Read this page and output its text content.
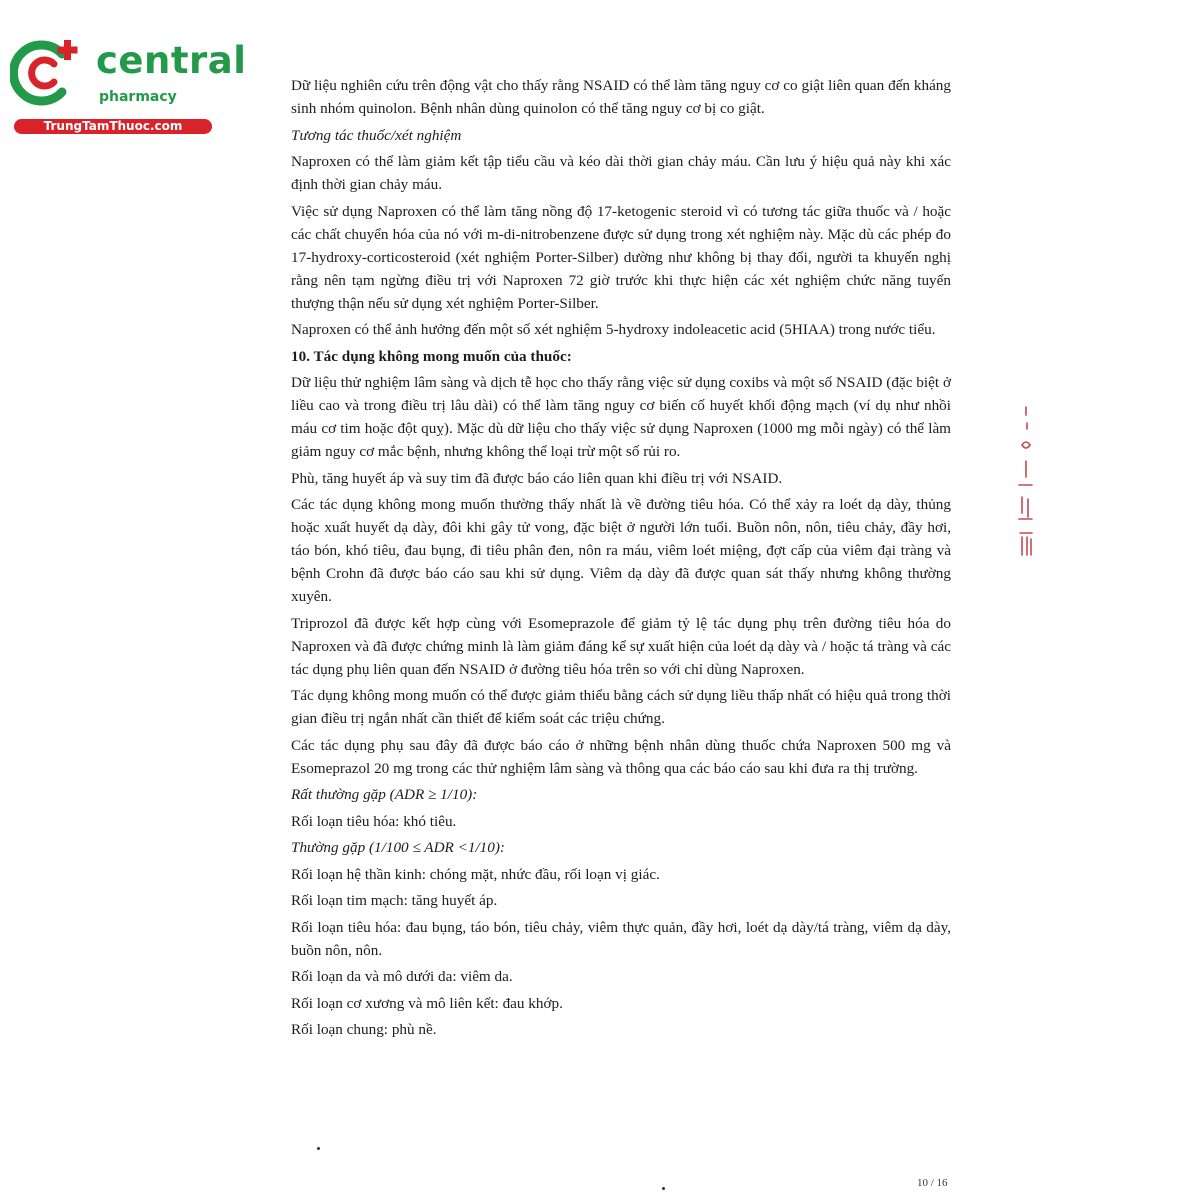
central
pharmacy
TrungTamThuoc.com

Dữ liệu nghiên cứu trên động vật cho thấy rằng NSAID có thể làm tăng nguy cơ co giật liên quan đến kháng sinh nhóm quinolon. Bệnh nhân dùng quinolon có thể tăng nguy cơ bị co giật.

Tương tác thuốc/xét nghiệm

Naproxen có thể làm giảm kết tập tiểu cầu và kéo dài thời gian chảy máu. Cần lưu ý hiệu quả này khi xác định thời gian chảy máu.

Việc sử dụng Naproxen có thể làm tăng nồng độ 17-ketogenic steroid vì có tương tác giữa thuốc và / hoặc các chất chuyển hóa của nó với m-di-nitrobenzene được sử dụng trong xét nghiệm này. Mặc dù các phép đo 17-hydroxy-corticosteroid (xét nghiệm Porter-Silber) dường như không bị thay đổi, người ta khuyến nghị rằng nên tạm ngừng điều trị với Naproxen 72 giờ trước khi thực hiện các xét nghiệm chức năng tuyến thượng thận nếu sử dụng xét nghiệm Porter-Silber.

Naproxen có thể ảnh hưởng đến một số xét nghiệm 5-hydroxy indoleacetic acid (5HIAA) trong nước tiểu.

10. Tác dụng không mong muốn của thuốc:

Dữ liệu thử nghiệm lâm sàng và dịch tễ học cho thấy rằng việc sử dụng coxibs và một số NSAID (đặc biệt ở liều cao và trong điều trị lâu dài) có thể làm tăng nguy cơ biến cố huyết khối động mạch (ví dụ như nhồi máu cơ tim hoặc đột quỵ). Mặc dù dữ liệu cho thấy việc sử dụng Naproxen (1000 mg mỗi ngày) có thể làm giảm nguy cơ mắc bệnh, nhưng không thể loại trừ một số rủi ro.

Phù, tăng huyết áp và suy tim đã được báo cáo liên quan khi điều trị với NSAID.

Các tác dụng không mong muốn thường thấy nhất là về đường tiêu hóa. Có thể xảy ra loét dạ dày, thủng hoặc xuất huyết dạ dày, đôi khi gây tử vong, đặc biệt ở người lớn tuổi. Buồn nôn, nôn, tiêu chảy, đầy hơi, táo bón, khó tiêu, đau bụng, đi tiêu phân đen, nôn ra máu, viêm loét miệng, đợt cấp của viêm đại tràng và bệnh Crohn đã được báo cáo sau khi sử dụng. Viêm dạ dày đã được quan sát thấy nhưng không thường xuyên.

Triprozol đã được kết hợp cùng với Esomeprazole để giảm tỷ lệ tác dụng phụ trên đường tiêu hóa do Naproxen và đã được chứng minh là làm giảm đáng kể sự xuất hiện của loét dạ dày và / hoặc tá tràng và các tác dụng phụ liên quan đến NSAID ở đường tiêu hóa trên so với chỉ dùng Naproxen.

Tác dụng không mong muốn có thể được giảm thiểu bằng cách sử dụng liều thấp nhất có hiệu quả trong thời gian điều trị ngắn nhất cần thiết để kiểm soát các triệu chứng.

Các tác dụng phụ sau đây đã được báo cáo ở những bệnh nhân dùng thuốc chứa Naproxen 500 mg và Esomeprazol 20 mg trong các thử nghiệm lâm sàng và thông qua các báo cáo sau khi đưa ra thị trường.

Rất thường gặp (ADR ≥ 1/10):

Rối loạn tiêu hóa: khó tiêu.

Thường gặp (1/100 ≤ ADR <1/10):

Rối loạn hệ thần kinh: chóng mặt, nhức đầu, rối loạn vị giác.

Rối loạn tim mạch: tăng huyết áp.

Rối loạn tiêu hóa: đau bụng, táo bón, tiêu chảy, viêm thực quản, đầy hơi, loét dạ dày/tá tràng, viêm dạ dày, buồn nôn, nôn.

Rối loạn da và mô dưới da: viêm da.

Rối loạn cơ xương và mô liên kết: đau khớp.

Rối loạn chung: phù nề.

10 / 16
